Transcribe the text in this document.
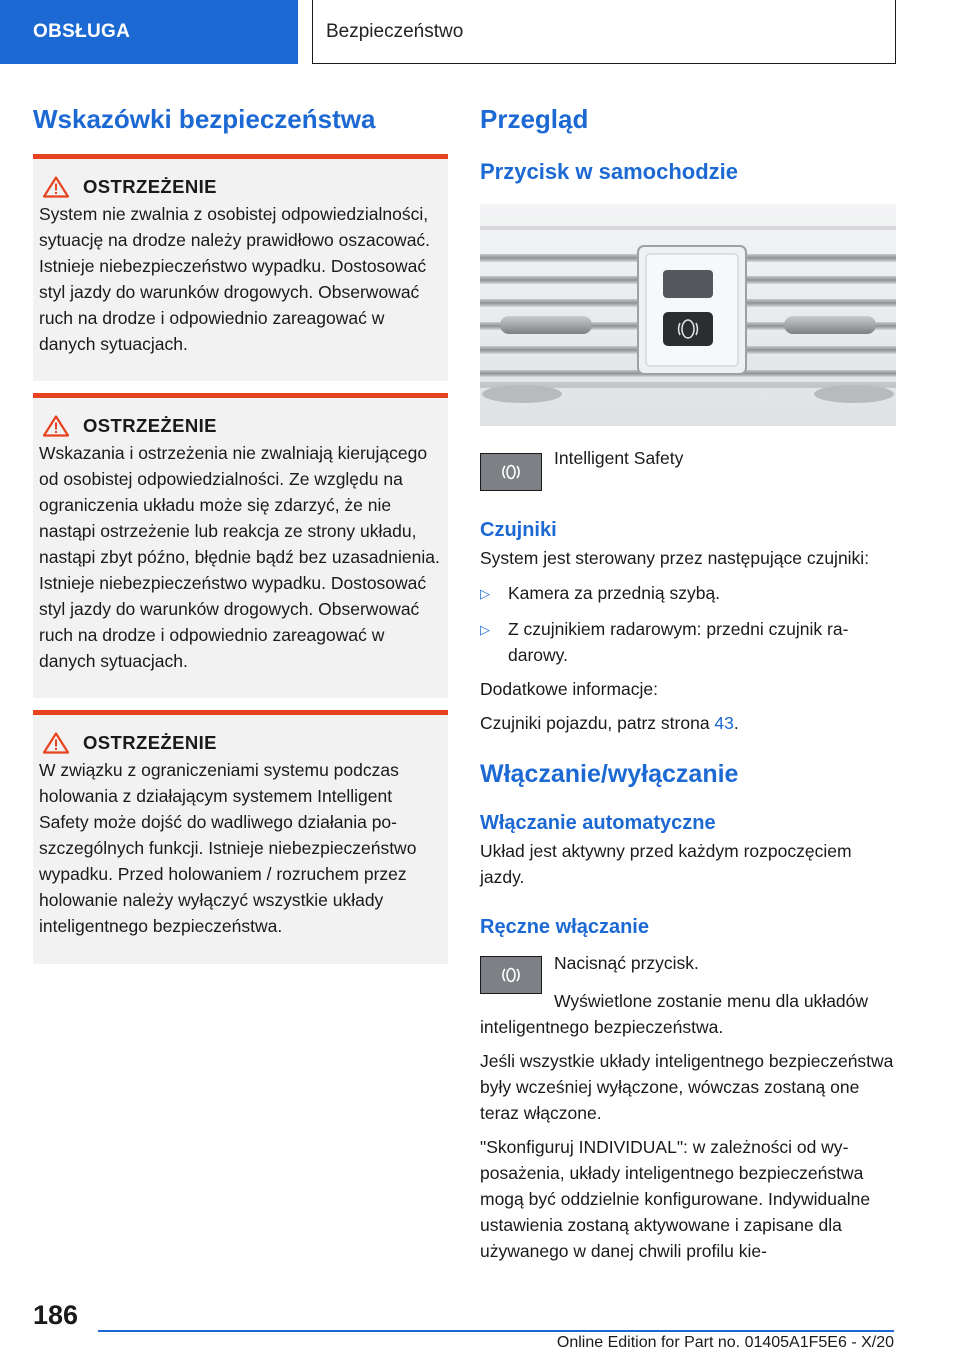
OBSŁUGA	Bezpieczeństwo
Wskazówki bezpieczeństwa
OSTRZEŻENIE

System nie zwalnia z osobistej odpowiedzialności, sytuację na drodze należy prawidłowo oszacować. Istnieje niebezpieczeństwo wypadku. Dostosować styl jazdy do warunków drogowych. Obserwować ruch na drodze i odpowiednio zareagować w danych sytuacjach.

OSTRZEŻENIE

Wskazania i ostrzeżenia nie zwalniają kierującego od osobistej odpowiedzialności. Ze względu na ograniczenia układu może się zdarzyć, że nie nastąpi ostrzeżenie lub reakcja ze strony układu, nastąpi zbyt późno, błędnie bądź bez uzasadnienia. Istnieje niebezpieczeństwo wypadku. Dostosować styl jazdy do warunków drogowych. Obserwować ruch na drodze i odpowiednio zareagować w danych sytuacjach.

OSTRZEŻENIE

W związku z ograniczeniami systemu podczas holowania z działającym systemem Intelligent Safety może dojść do wadliwego działania poszczególnych funkcji. Istnieje niebezpieczeństwo wypadku. Przed holowaniem / rozruchem przez holowanie należy wyłączyć wszystkie układy inteligentnego bezpieczeństwa.

Przegląd
Przycisk w samochodzie

Intelligent Safety

Czujniki

System jest sterowany przez następujące czujniki:

▷	Kamera za przednią szybą.
▷	Z czujnikiem radarowym: przedni czujnik radarowy.

Dodatkowe informacje:

Czujniki pojazdu, patrz strona 43.

Włączanie/wyłączanie
Włączanie automatyczne

Układ jest aktywny przed każdym rozpoczęciem jazdy.

Ręczne włączanie

Nacisnąć przycisk.

Wyświetlone zostanie menu dla układów inteligentnego bezpieczeństwa.

Jeśli wszystkie układy inteligentnego bezpieczeństwa były wcześniej wyłączone, wówczas zostaną one teraz włączone.

"Skonfiguruj INDIVIDUAL": w zależności od wyposażenia, układy inteligentnego bezpieczeństwa mogą być oddzielnie konfigurowane. Indywidualne ustawienia zostaną aktywowane i zapisane dla używanego w danej chwili profilu kie-

186
Online Edition for Part no. 01405A1F5E6 - X/20
